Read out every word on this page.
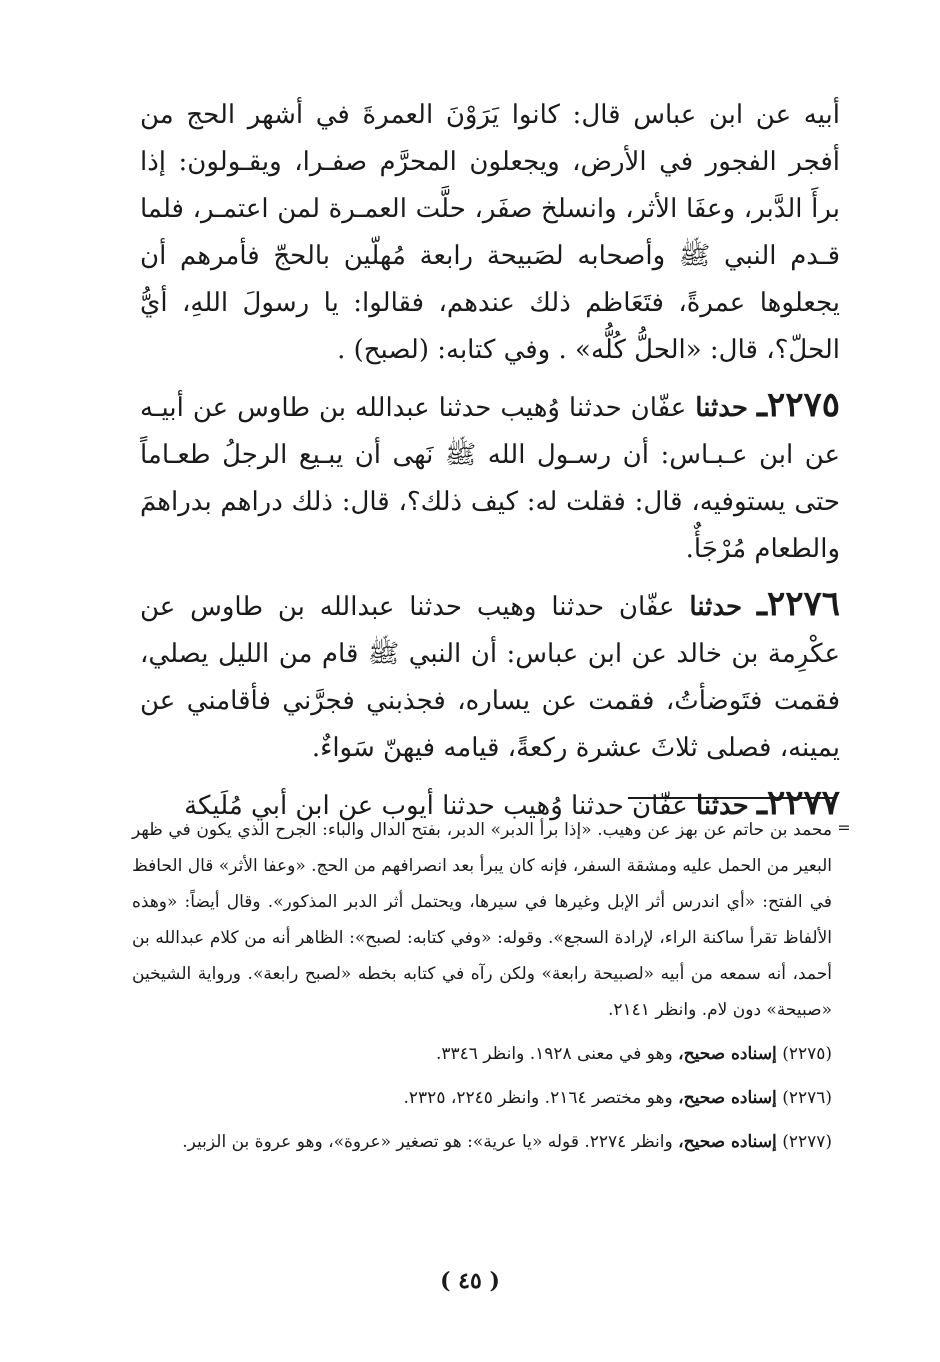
أبيه عن ابن عباس قال: كانوا يَرَوْنَ العمرةَ في أشهر الحج من أفجر الفجور في الأرض، ويجعلون المحرَّم صفـرا، ويقـولون: إذا برأَ الدَّبر، وعفَا الأثر، وانسلخ صفَر، حلَّت العمـرة لمن اعتمـر، فلما قـدم النبي ﷺ وأصحابه لصَبيحة رابعة مُهلّين بالحجّ فأمرهم أن يجعلوها عمرةً، فتَعَاظم ذلك عندهم، فقالوا: يا رسولَ اللهِ، أيُّ الحلّ؟، قال: «الحلُّ كُلُّه» . وفي كتابه: (لصبح) .

٢٢٧٥ـ حدثنا عفّان حدثنا وُهيب حدثنا عبدالله بن طاوس عن أبيـه عن ابن عـبـاس: أن رسـول الله ﷺ نَهى أن يبـيع الرجلُ طعـاماً حتى يستوفيه، قال: فقلت له: كيف ذلك؟، قال: ذلك دراهم بدراهمَ والطعام مُرْجَأٌ.

٢٢٧٦ـ حدثنا عفّان حدثنا وهيب حدثنا عبدالله بن طاوس عن عكْرِمة بن خالد عن ابن عباس: أن النبي ﷺ قام من الليل يصلي، فقمت فتَوضأتُ، فقمت عن يساره، فجذبني فجرَّني فأقامني عن يمينه، فصلى ثلاثَ عشرة ركعةً، قيامه فيهنّ سَواءٌ.

٢٢٧٧ـ حدثنا عفّان حدثنا وُهيب حدثنا أيوب عن ابن أبي مُلَيكة

=

محمد بن حاتم عن بهز عن وهيب. «إذا برأ الدبر» الدبر، بفتح الدال والباء: الجرح الذي يكون في ظهر البعير من الحمل عليه ومشقة السفر، فإنه كان يبرأ بعد انصرافهم من الحج. «وعفا الأثر» قال الحافظ في الفتح: «أي اندرس أثر الإبل وغيرها في سيرها، ويحتمل أثر الدبر المذكور». وقال أيضاً: «وهذه الألفاظ تقرأ ساكنة الراء، لإرادة السجع». وقوله: «وفي كتابه: لصبح»: الظاهر أنه من كلام عبدالله بن أحمد، أنه سمعه من أبيه «لصبيحة رابعة» ولكن رآه في كتابه بخطه «لصبح رابعة». ورواية الشيخين «صبيحة» دون لام. وانظر ٢١٤١.

(٢٢٧٥) إسناده صحيح، وهو في معنى ١٩٢٨. وانظر ٣٣٤٦.

(٢٢٧٦) إسناده صحيح، وهو مختصر ٢١٦٤. وانظر ٢٢٤٥، ٢٣٢٥.

(٢٢٧٧) إسناده صحيح، وانظر ٢٢٧٤. قوله «يا عرية»: هو تصغير «عروة»، وهو عروة بن الزبير.

( ٤٥ )
